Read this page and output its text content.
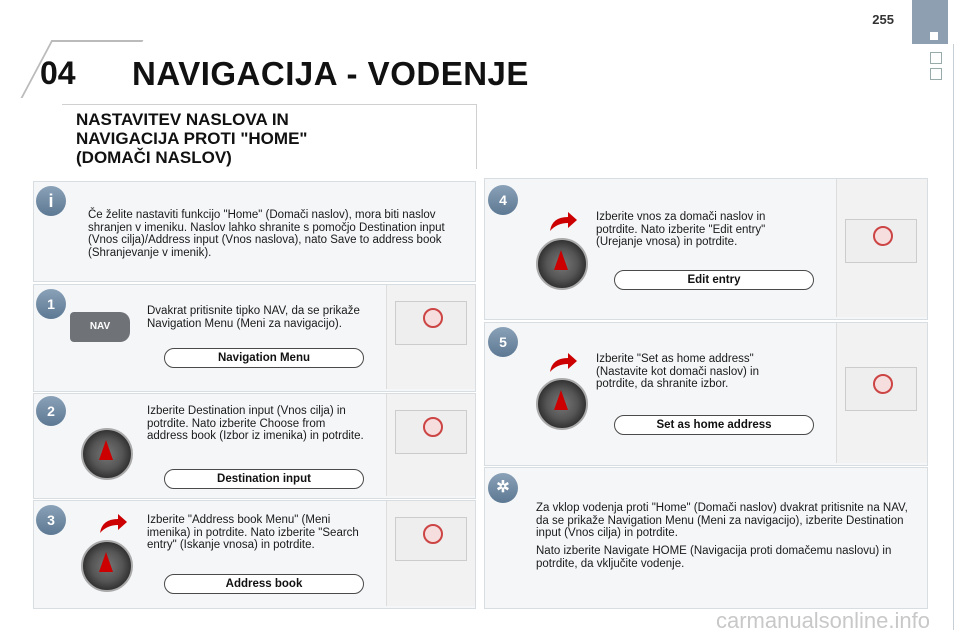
255
04 NAVIGACIJA - VODENJE
NASTAVITEV NASLOVA IN
NAVIGACIJA PROTI "HOME"
(DOMAČI NASLOV)
i
Če želite nastaviti funkcijo "Home" (Domači naslov), mora biti naslov shranjen v imeniku. Naslov lahko shranite s pomočjo Destination input (Vnos cilja)/Address input (Vnos naslova), nato Save to address book (Shranjevanje v imenik).
1
NAV
Dvakrat pritisnite tipko NAV, da se prikaže Navigation Menu (Meni za navigacijo).
Navigation Menu
2	Izberite Destination input (Vnos cilja) in potrdite. Nato izberite Choose from address book (Izbor iz imenika) in potrdite.
Destination input
3	Izberite "Address book Menu" (Meni imenika) in potrdite. Nato izberite "Search entry" (Iskanje vnosa) in potrdite.
Address book
4
Izberite vnos za domači naslov in potrdite. Nato izberite "Edit entry" (Urejanje vnosa) in potrdite.
Edit entry
5
Izberite "Set as home address" (Nastavite kot domači naslov) in potrdite, da shranite izbor.
Set as home address
✲
Za vklop vodenja proti "Home" (Domači naslov) dvakrat pritisnite na NAV, da se prikaže Navigation Menu (Meni za navigacijo), izberite Destination input (Vnos cilja) in potrdite.
Nato izberite Navigate HOME (Navigacija proti domačemu naslovu) in potrdite, da vključite vodenje.
carmanualsonline.info
